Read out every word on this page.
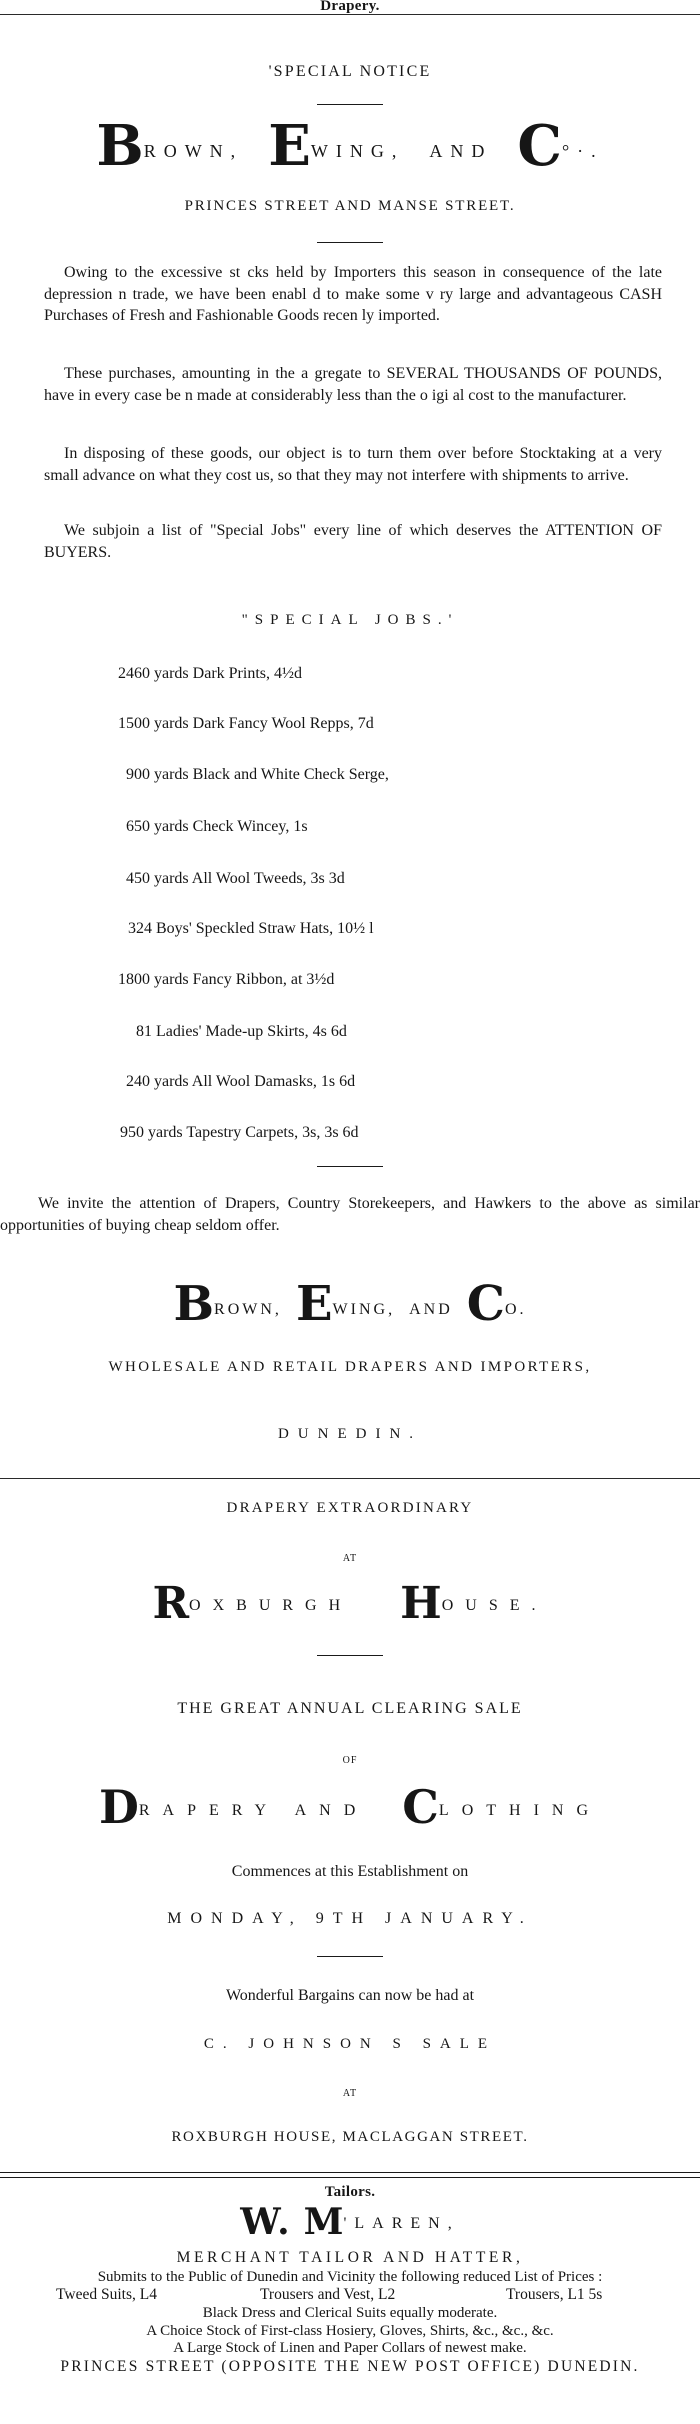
Drapery.
'SPECIAL NOTICE
BROWN, EWING, AND C°·.
PRINCES STREET AND MANSE STREET.
Owing to the excessive st cks held by Importers this season in consequence of the late depression n trade, we have been enabl d to make some v ry large and advantageous CASH Purchases of Fresh and Fashionable Goods recen ly imported.
These purchases, amounting in the a gregate to SEVERAL THOUSANDS OF POUNDS, have in every case be n made at considerably less than the o igi al cost to the manufacturer.
In disposing of these goods, our object is to turn them over before Stocktaking at a very small advance on what they cost us, so that they may not interfere with shipments to arrive.
We subjoin a list of "Special Jobs" every line of which deserves the ATTENTION OF BUYERS.
"SPECIAL JOBS.'
2460 yards Dark Prints, 4½d
1500 yards Dark Fancy Wool Repps, 7d
900 yards Black and White Check Serge,
650 yards Check Wincey, 1s
450 yards All Wool Tweeds, 3s 3d
324 Boys' Speckled Straw Hats, 10½ l
1800 yards Fancy Ribbon, at 3½d
81 Ladies' Made-up Skirts, 4s 6d
240 yards All Wool Damasks, 1s 6d
950 yards Tapestry Carpets, 3s, 3s 6d
We invite the attention of Drapers, Country Storekeepers, and Hawkers to the above as similar opportunities of buying cheap seldom offer.
BROWN, EWING, AND CO.
WHOLESALE AND RETAIL DRAPERS AND IMPORTERS,
DUNEDIN.
DRAPERY EXTRAORDINARY
AT
ROXBURGH HOUSE.
THE GREAT ANNUAL CLEARING SALE
OF
DRAPERY AND CLOTHING
Commences at this Establishment on
MONDAY, 9TH JANUARY.
Wonderful Bargains can now be had at
C. JOHNSON S SALE
AT
ROXBURGH HOUSE, MACLAGGAN STREET.
Tailors.
W. M'LAREN,
MERCHANT TAILOR AND HATTER,
Submits to the Public of Dunedin and Vicinity the following reduced List of Prices :
Tweed Suits, L4	Trousers and Vest, L2	Trousers, L1 5s
Black Dress and Clerical Suits equally moderate.
A Choice Stock of First-class Hosiery, Gloves, Shirts, &c., &c., &c.
A Large Stock of Linen and Paper Collars of newest make.
PRINCES STREET (OPPOSITE THE NEW POST OFFICE) DUNEDIN.
